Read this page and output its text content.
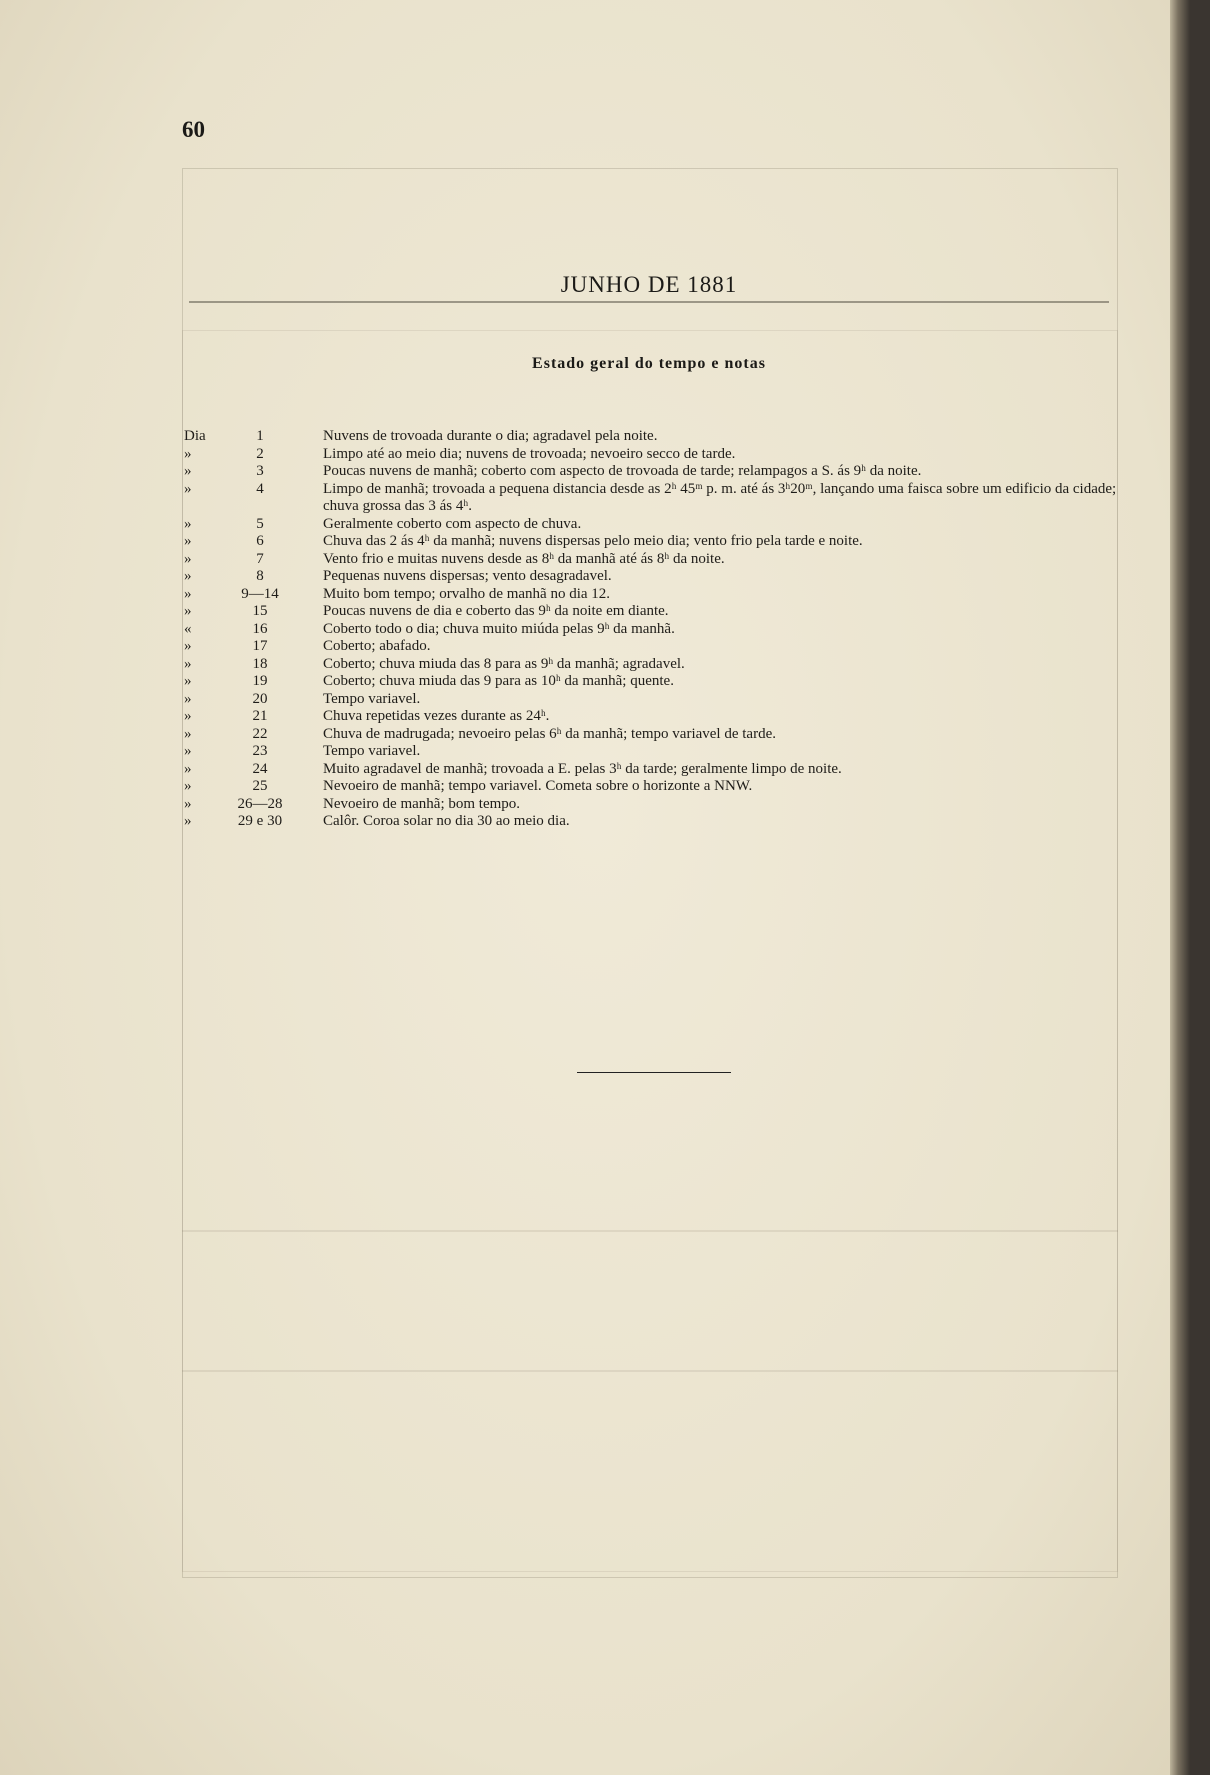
60
JUNHO DE 1881
Estado geral do tempo e notas
Dia	1	Nuvens de trovoada durante o dia; agradavel pela noite.
»	2	Limpo até ao meio dia; nuvens de trovoada; nevoeiro secco de tarde.
»	3	Poucas nuvens de manhã; coberto com aspecto de trovoada de tarde; relampagos a S. ás 9ʰ da noite.
»	4	Limpo de manhã; trovoada a pequena distancia desde as 2ʰ 45ᵐ p. m. até ás 3ʰ20ᵐ, lançando uma faisca sobre um edificio da cidade; chuva grossa das 3 ás 4ʰ.
»	5	Geralmente coberto com aspecto de chuva.
»	6	Chuva das 2 ás 4ʰ da manhã; nuvens dispersas pelo meio dia; vento frio pela tarde e noite.
»	7	Vento frio e muitas nuvens desde as 8ʰ da manhã até ás 8ʰ da noite.
»	8	Pequenas nuvens dispersas; vento desagradavel.
»	9—14	Muito bom tempo; orvalho de manhã no dia 12.
»	15	Poucas nuvens de dia e coberto das 9ʰ da noite em diante.
«	16	Coberto todo o dia; chuva muito miúda pelas 9ʰ da manhã.
»	17	Coberto; abafado.
»	18	Coberto; chuva miuda das 8 para as 9ʰ da manhã; agradavel.
»	19	Coberto; chuva miuda das 9 para as 10ʰ da manhã; quente.
»	20	Tempo variavel.
»	21	Chuva repetidas vezes durante as 24ʰ.
»	22	Chuva de madrugada; nevoeiro pelas 6ʰ da manhã; tempo variavel de tarde.
»	23	Tempo variavel.
»	24	Muito agradavel de manhã; trovoada a E. pelas 3ʰ da tarde; geralmente limpo de noite.
»	25	Nevoeiro de manhã; tempo variavel. Cometa sobre o horizonte a NNW.
»	26—28	Nevoeiro de manhã; bom tempo.
»	29 e 30	Calôr. Coroa solar no dia 30 ao meio dia.
